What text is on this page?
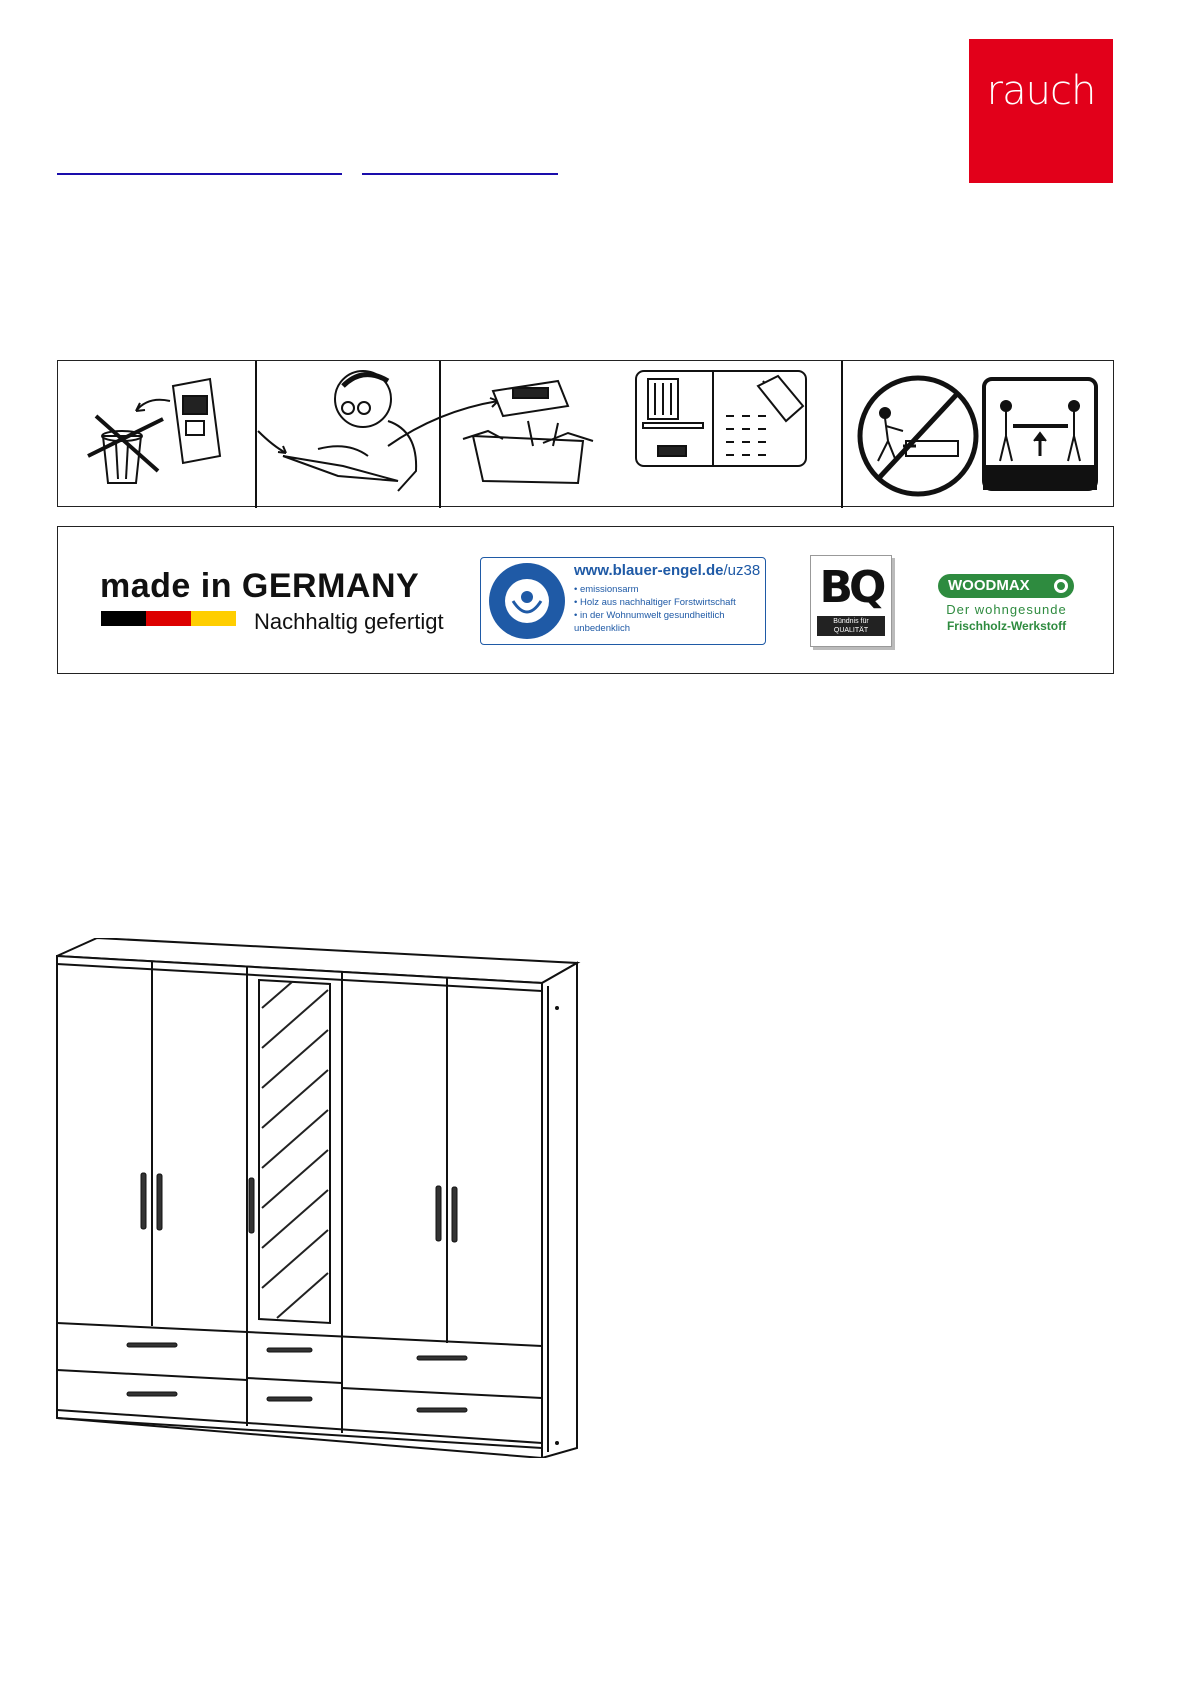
rauch
made in GERMANY
Nachhaltig gefertigt
www.blauer-engel.de/uz38
• emissionsarm
• Holz aus nachhaltiger Forstwirtschaft
• in der Wohnumwelt gesundheitlich unbedenklich
BQ
Bündnis für
QUALITÄT
WOODMAX
Der wohngesunde
Frischholz-Werkstoff
